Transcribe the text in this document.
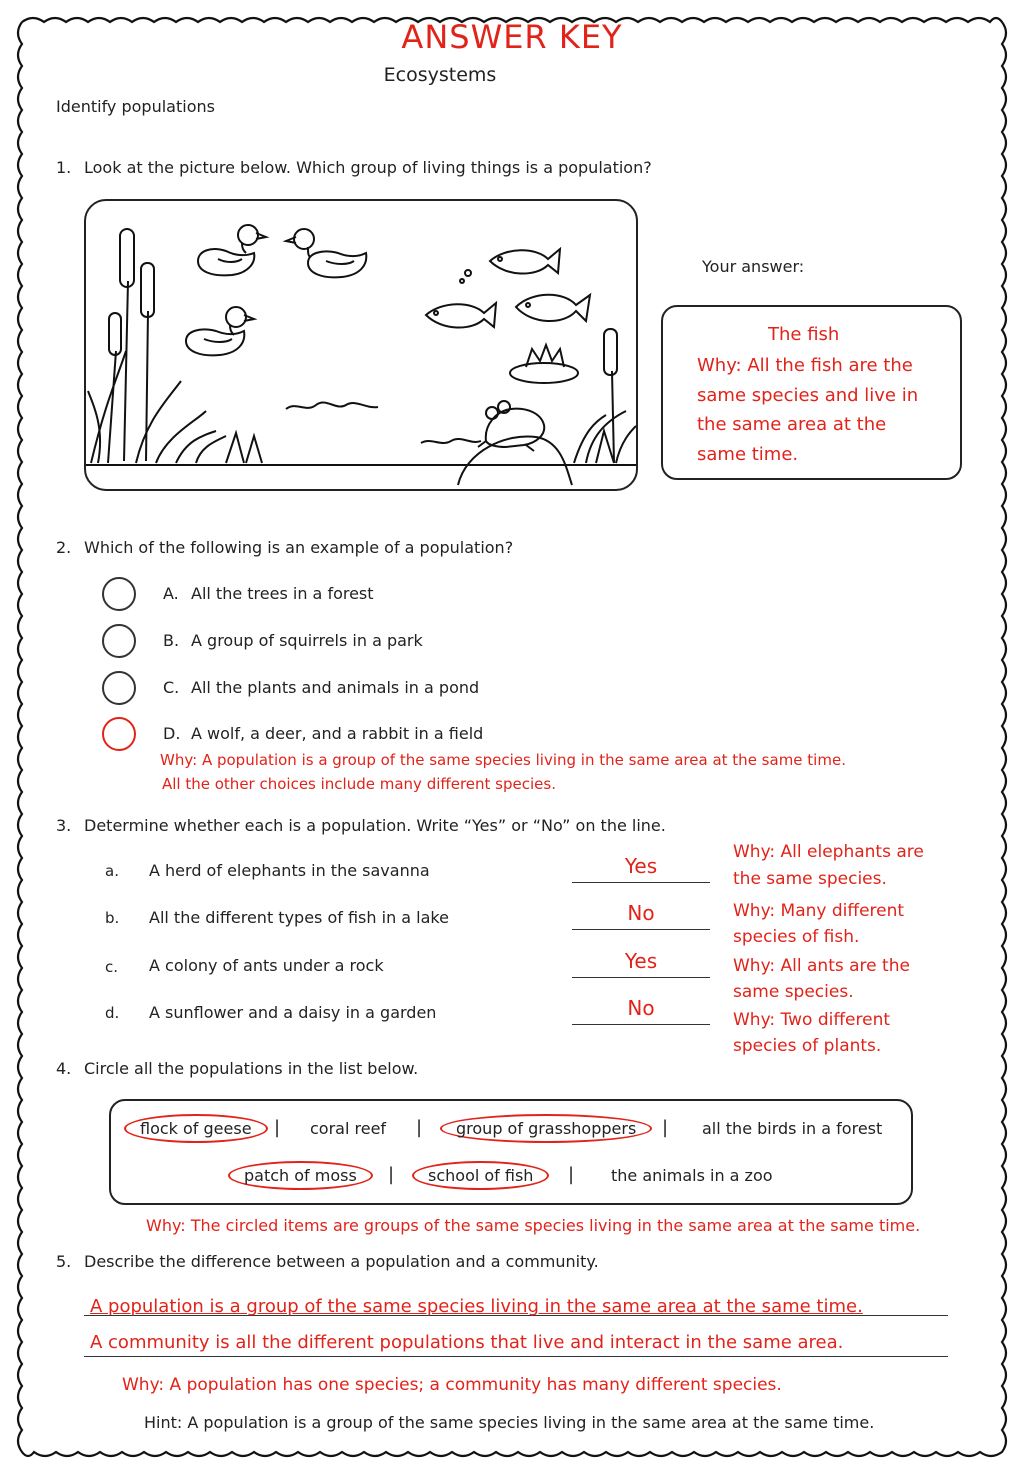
ANSWER KEY
Ecosystems
Identify populations
1. Look at the picture below. Which group of living things is a population?
Your answer:
The fish
Why: All the fish are the
same species and live in
the same area at the
same time.
2. Which of the following is an example of a population?
A. All the trees in a forest
B. A group of squirrels in a park
C. All the plants and animals in a pond
D. A wolf, a deer, and a rabbit in a field
Why: A population is a group of the same species living in the same area at the same time.
All the other choices include many different species.
3. Determine whether each is a population. Write “Yes” or “No” on the line.
a. A herd of elephants in the savanna	Yes
Why: All elephants are
the same species.
b. All the different types of fish in a lake	No	Why: Many different
species of fish.
c. A colony of ants under a rock	Yes	Why: All ants are the
same species.
d. A sunflower and a daisy in a garden	No	Why: Two different
species of plants.
4. Circle all the populations in the list below.
flock of geese	| coral reef |	group of grasshoppers	| all the birds in a forest
patch of moss	|	school of fish	| the animals in a zoo
Why: The circled items are groups of the same species living in the same area at the same time.
5. Describe the difference between a population and a community.
A population is a group of the same species living in the same area at the same time.
A community is all the different populations that live and interact in the same area.
Why: A population has one species; a community has many different species.
Hint: A population is a group of the same species living in the same area at the same time.
